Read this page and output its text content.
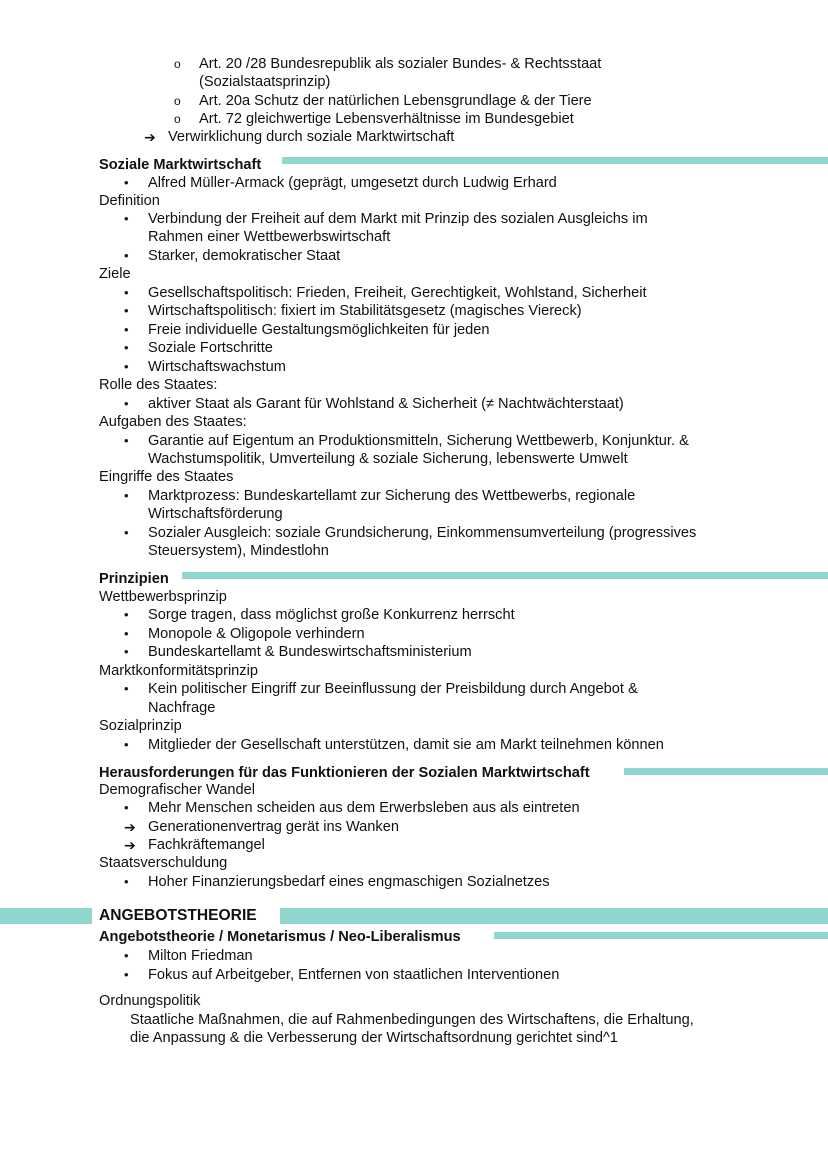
o Art. 20 /28 Bundesrepublik als sozialer Bundes- & Rechtsstaat
(Sozialstaatsprinzip)
o Art. 20a Schutz der natürlichen Lebensgrundlage & der Tiere
o Art. 72 gleichwertige Lebensverhältnisse im Bundesgebiet
➔ Verwirklichung durch soziale Marktwirtschaft
Soziale Marktwirtschaft
• Alfred Müller-Armack (geprägt, umgesetzt durch Ludwig Erhard
Definition
• Verbindung der Freiheit auf dem Markt mit Prinzip des sozialen Ausgleichs im
Rahmen einer Wettbewerbswirtschaft
• Starker, demokratischer Staat
Ziele
• Gesellschaftspolitisch: Frieden, Freiheit, Gerechtigkeit, Wohlstand, Sicherheit
• Wirtschaftspolitisch: fixiert im Stabilitätsgesetz (magisches Viereck)
• Freie individuelle Gestaltungsmöglichkeiten für jeden
• Soziale Fortschritte
• Wirtschaftswachstum
Rolle des Staates:
• aktiver Staat als Garant für Wohlstand & Sicherheit (≠ Nachtwächterstaat)
Aufgaben des Staates:
• Garantie auf Eigentum an Produktionsmitteln, Sicherung Wettbewerb, Konjunktur. &
Wachstumspolitik, Umverteilung & soziale Sicherung, lebenswerte Umwelt
Eingriffe des Staates
• Marktprozess: Bundeskartellamt zur Sicherung des Wettbewerbs, regionale
Wirtschaftsförderung
• Sozialer Ausgleich: soziale Grundsicherung, Einkommensumverteilung (progressives
Steuersystem), Mindestlohn
Prinzipien
Wettbewerbsprinzip
• Sorge tragen, dass möglichst große Konkurrenz herrscht
• Monopole & Oligopole verhindern
• Bundeskartellamt & Bundeswirtschaftsministerium
Marktkonformitätsprinzip
• Kein politischer Eingriff zur Beeinflussung der Preisbildung durch Angebot &
Nachfrage
Sozialprinzip
• Mitglieder der Gesellschaft unterstützen, damit sie am Markt teilnehmen können
Herausforderungen für das Funktionieren der Sozialen Marktwirtschaft
Demografischer Wandel
• Mehr Menschen scheiden aus dem Erwerbsleben aus als eintreten
➔ Generationenvertrag gerät ins Wanken
➔ Fachkräftemangel
Staatsverschuldung
• Hoher Finanzierungsbedarf eines engmaschigen Sozialnetzes
ANGEBOTSTHEORIE
Angebotstheorie / Monetarismus / Neo-Liberalismus
• Milton Friedman
• Fokus auf Arbeitgeber, Entfernen von staatlichen Interventionen
Ordnungspolitik
Staatliche Maßnahmen, die auf Rahmenbedingungen des Wirtschaftens, die Erhaltung,
die Anpassung & die Verbesserung der Wirtschaftsordnung gerichtet sind^1
